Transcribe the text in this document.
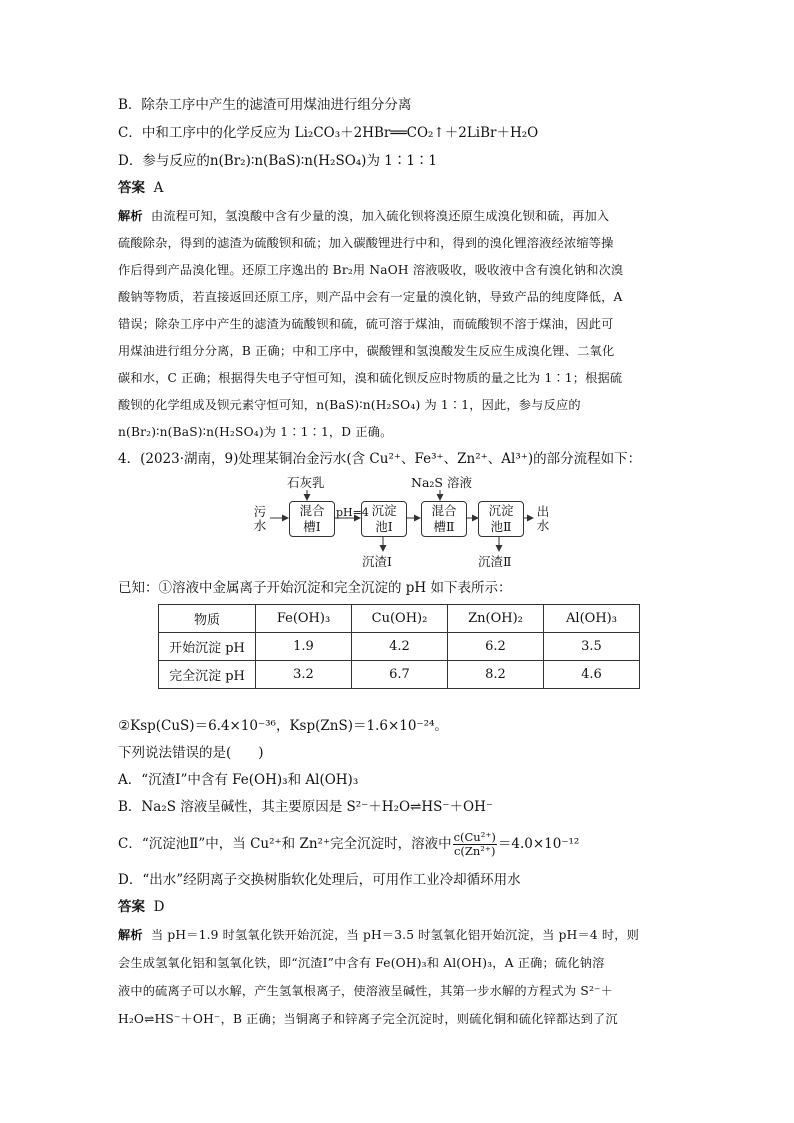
B．除杂工序中产生的滤渣可用煤油进行组分分离
C．中和工序中的化学反应为 Li₂CO₃＋2HBr══CO₂↑＋2LiBr＋H₂O
D．参与反应的n(Br₂)∶n(BaS)∶n(H₂SO₄)为 1∶1∶1
答案 A
解析 由流程可知，氢溴酸中含有少量的溴，加入硫化钡将溴还原生成溴化钡和硫，再加入
硫酸除杂，得到的滤渣为硫酸钡和硫；加入碳酸锂进行中和，得到的溴化锂溶液经浓缩等操
作后得到产品溴化锂。还原工序逸出的 Br₂用 NaOH 溶液吸收，吸收液中含有溴化钠和次溴
酸钠等物质，若直接返回还原工序，则产品中会有一定量的溴化钠，导致产品的纯度降低，A
错误；除杂工序中产生的滤渣为硫酸钡和硫，硫可溶于煤油，而硫酸钡不溶于煤油，因此可
用煤油进行组分分离，B 正确；中和工序中，碳酸锂和氢溴酸发生反应生成溴化锂、二氧化
碳和水，C 正确；根据得失电子守恒可知，溴和硫化钡反应时物质的量之比为 1∶1；根据硫
酸钡的化学组成及钡元素守恒可知，n(BaS)∶n(H₂SO₄) 为 1∶1，因此，参与反应的
n(Br₂)∶n(BaS)∶n(H₂SO₄)为 1∶1∶1，D 正确。
4．(2023·湖南，9)处理某铜冶金污水(含 Cu²⁺、Fe³⁺、Zn²⁺、Al³⁺)的部分流程如下：
污
水
混合
槽Ⅰ
沉淀
池Ⅰ
混合
槽Ⅱ
沉淀
池Ⅱ
出
水
石灰乳	Na₂S 溶液
pH=4
沉渣Ⅰ	沉渣Ⅱ
已知：①溶液中金属离子开始沉淀和完全沉淀的 pH 如下表所示：
物质	Fe(OH)₃	Cu(OH)₂	Zn(OH)₂	Al(OH)₃
开始沉淀 pH	1.9	4.2	6.2	3.5
完全沉淀 pH	3.2	6.7	8.2	4.6
②Ksp(CuS)＝6.4×10⁻³⁶，Ksp(ZnS)＝1.6×10⁻²⁴。
下列说法错误的是(　　)
A．“沉渣Ⅰ”中含有 Fe(OH)₃和 Al(OH)₃
B．Na₂S 溶液呈碱性，其主要原因是 S²⁻＋H₂O⇌HS⁻＋OH⁻
C．“沉淀池Ⅱ”中，当 Cu²⁺和 Zn²⁺完全沉淀时，溶液中 $\frac{\text{c(Cu²⁺)}}{\text{c(Zn²⁺)}} =4.0\times 10^{-12}$
D．“出水”经阴离子交换树脂软化处理后，可用作工业冷却循环用水
答案 D
解析 当 pH＝1.9 时氢氧化铁开始沉淀，当 pH＝3.5 时氢氧化铝开始沉淀，当 pH＝4 时，则
会生成氢氧化铝和氢氧化铁，即“沉渣Ⅰ”中含有 Fe(OH)₃和 Al(OH)₃，A 正确；硫化钠溶
液中的硫离子可以水解，产生氢氧根离子，使溶液呈碱性，其第一步水解的方程式为 S²⁻＋
H₂O⇌HS⁻＋OH⁻，B 正确；当铜离子和锌离子完全沉淀时，则硫化铜和硫化锌都达到了沉
